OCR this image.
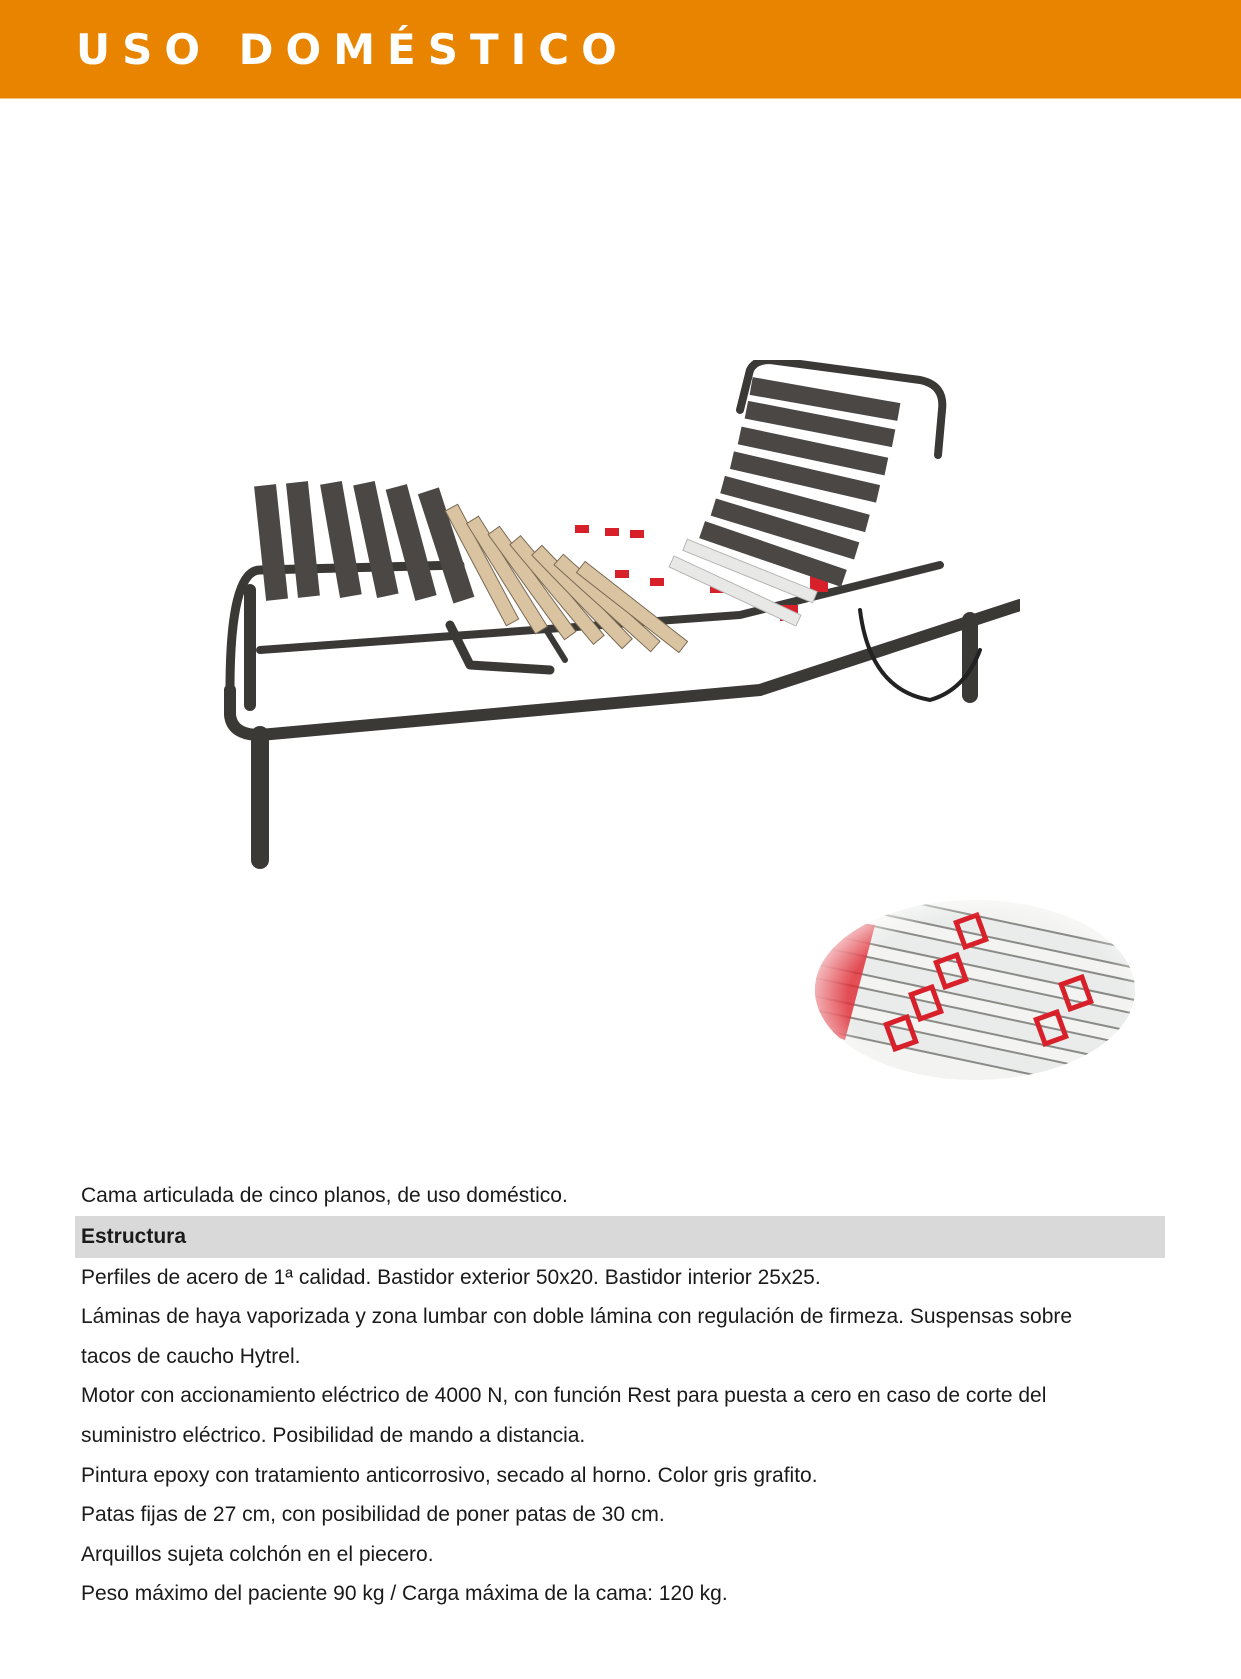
USO DOMÉSTICO

Cama articulada de cinco planos, de uso doméstico.

Estructura

Perfiles de acero de 1ª calidad. Bastidor exterior 50x20. Bastidor interior 25x25.

Láminas de haya vaporizada y zona lumbar con doble lámina con regulación de firmeza. Suspensas sobre

tacos de caucho Hytrel.

Motor con accionamiento eléctrico de 4000 N, con función Rest para puesta a cero en caso de corte del

suministro eléctrico. Posibilidad de mando a distancia.

Pintura epoxy con tratamiento anticorrosivo, secado al horno. Color gris grafito.

Patas fijas de 27 cm, con posibilidad de poner patas de 30 cm.

Arquillos sujeta colchón en el piecero.

Peso máximo del paciente 90 kg / Carga máxima de la cama: 120 kg.
